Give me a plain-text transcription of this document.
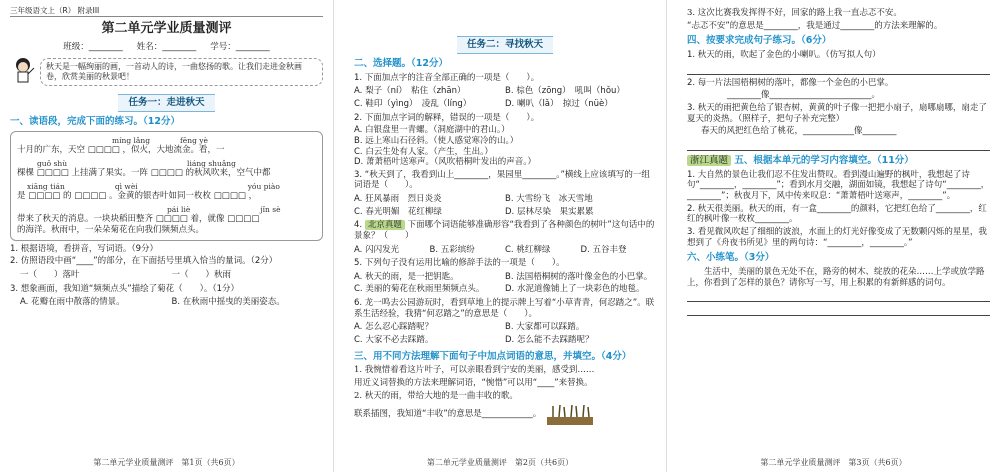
三年级语文上（R） 附录III
第二单元学业质量测评
班级：________ 姓名：________ 学号：________
秋天是一幅绚丽的画，一首动人的诗，一曲悠扬的歌。让我们走进金秋画卷，欣赏美丽的秋景吧！
任务一：走进秋天
一、读语段，完成下面的练习。（12分）
míng lǎng	fēng yè
十月的广东，天空 □□□□ ，似火，大地流金。看，一
guǒ shù	liáng shuǎng
棵棵 □□□□ 上挂满了果实。一阵 □□□□ 的秋风吹来，空气中都
xiāng tián	qì wèi	yóu piào
是 □□□□ 的 □□□□ 。金黄的银杏叶如同一枚枚 □□□□ ，
pái liè	jǐn sè
带来了秋天的消息。一块块稻田整齐 □□□□ 着，就像 □□□□
的海洋。秋雨中，一朵朵菊花在向我们频频点头。
1. 根据语境，看拼音，写词语。（9分）
2. 仿照语段中画“____”的部分，在下面括号里填入恰当的量词。（2分）
一（　　）落叶	一（　　）秋雨
3. 想象画面，我知道“频频点头”描绘了菊花（　　）。（1分）
A. 花瓣在雨中散落的情景。	B. 在秋雨中摇曳的美丽姿态。
第二单元学业质量测评　第1页（共6页）
任务二：寻找秋天
二、选择题。（12分）
1. 下面加点字的注音全部正确的一项是（　　）。
A. 梨子（ní）　粘住（zhān）	B. 棕色（zōng）　吼叫（hǒu）
C. 鞋印（yìng）　凌乱（líng）	D. 喇叭（lǎ）　掠过（nüè）
2. 下面加点字词的解释，错误的一项是（　　）。
A. 白银盘里一青螺。（洞庭湖中的君山。）
B. 远上寒山石径斜。（使人感觉寒冷的山。）
C. 白云生处有人家。（产生，生出。）
D. 萧萧梧叶送寒声。（风吹梧桐叶发出的声音。）
3. “秋天到了，我看到山上________，果园里________。”横线上应该填写的一组词语是（　　）。
A. 狂风暴雨　烈日炎炎	B. 大雪纷飞　冰天雪地
C. 春光明媚　花红柳绿	D. 层林尽染　果实累累
4. 北京真题 下面哪个词语能够准确形容“我看到了各种颜色的树叶”这句话中的景象？（　　）
A. 闪闪发光	B. 五彩缤纷	C. 桃红柳绿	D. 五谷丰登
5. 下列句子没有运用比喻的修辞手法的一项是（　　）。
A. 秋天的雨，是一把钥匙。	B. 法国梧桐树的落叶像金色的小巴掌。
C. 美丽的菊花在秋雨里频频点头。	D. 水泥道像铺上了一块彩色的地毯。
6. 龙一鸣去公园游玩时，看到草地上的提示牌上写着“小草青青，何忍踏之”。联系生活经验，我猜“何忍踏之”的意思是（　　）。
A. 怎么忍心踩踏呢？	B. 大家都可以踩踏。
C. 大家不必去踩踏。	D. 怎么能不去踩踏呢？
三、用不同方法理解下面句子中加点词语的意思，并填空。（4分）
1. 我惋惜着看这片叶子，可以亲眼看到宁安的美丽，感受到……
用近义词替换的方法来理解词语，“惋惜”可以用“____”来替换。
2. 秋天的雨，带给大地的是一曲丰收的歌。
联系插图，我知道“丰收”的意思是____________。
第二单元学业质量测评　第2页（共6页）
3. 这次比赛我发挥得不好，回家的路上我一直忐忑不安。
“忐忑不安”的意思是________，我是通过________的方法来理解的。
四、按要求完成句子练习。（6分）
1. 秋天的雨，吹起了金色的小喇叭。（仿写拟人句）
2. 每一片法国梧桐树的落叶，都像一个金色的小巴掌。
________像________________________。
3. 秋天的雨把黄色给了银杏树，黄黄的叶子像一把把小扇子，扇哪扇哪，扇走了夏天的炎热。（照样子，把句子补充完整）
春天的风把红色给了桃花，____________像________
浙江真题 五、根据本单元的学习内容填空。（11分）
1. 大自然的景色让我们忍不住发出赞叹。看到漫山遍野的枫叶，我想起了诗句“________，________”；看到水月交融，湖面如镜，我想起了诗句“________，________”；秋夜月下，风中传来叹息：“萧萧梧叶送寒声，________”。
2. 秋天很美丽。秋天的雨，有一盒________的颜料，它把红色给了________，红红的枫叶像一枚枚________。
3. 看见微风吹起了细细的波浪，水面上的灯光好像变成了无数颗闪烁的星星，我想到了《舟夜书所见》里的两句诗：“________，________。”
六、小练笔。（3分）
生活中，美丽的景色无处不在，路旁的树木、绽放的花朵……上学或放学路上，你看到了怎样的景色？请你写一写，用上积累的有新鲜感的词句。
第二单元学业质量测评　第3页（共6页）
